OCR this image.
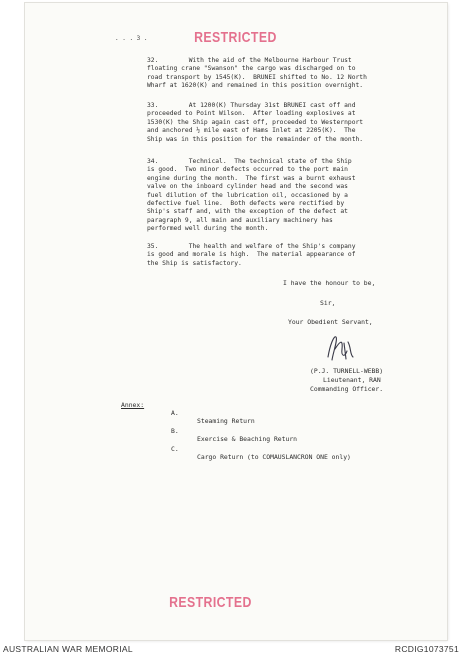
. . . 3 .	RESTRICTED

32.        With the aid of the Melbourne Harbour Trust

floating crane "Swanson" the cargo was discharged on to

road transport by 1545(K).  BRUNEI shifted to No. 12 North

Wharf at 1620(K) and remained in this position overnight.

33.        At 1200(K) Thursday 31st BRUNEI cast off and

proceeded to Point Wilson.  After loading explosives at

1530(K) the Ship again cast off, proceeded to Westernport

and anchored ½ mile east of Hams Inlet at 2205(K).  The

Ship was in this position for the remainder of the month.

34.        Technical.  The technical state of the Ship

is good.  Two minor defects occurred to the port main

engine during the month.  The first was a burnt exhaust

valve on the inboard cylinder head and the second was

fuel dilution of the lubrication oil, occasioned by a

defective fuel line.  Both defects were rectified by

Ship's staff and, with the exception of the defect at

paragraph 9, all main and auxiliary machinery has

performed well during the month.

35.        The health and welfare of the Ship's company

is good and morale is high.  The material appearance of

the Ship is satisfactory.

I have the honour to be,
Sir,
Your Obedient Servant,
(P.J. TURNELL-WEBB)
Lieutenant, RAN
Commanding Officer.
Annex:

A.

Steaming Return

B.

Exercise & Beaching Return

C.

Cargo Return (to COMAUSLANCRON ONE only)

RESTRICTED
AUSTRALIAN WAR MEMORIAL	RCDIG1073751
